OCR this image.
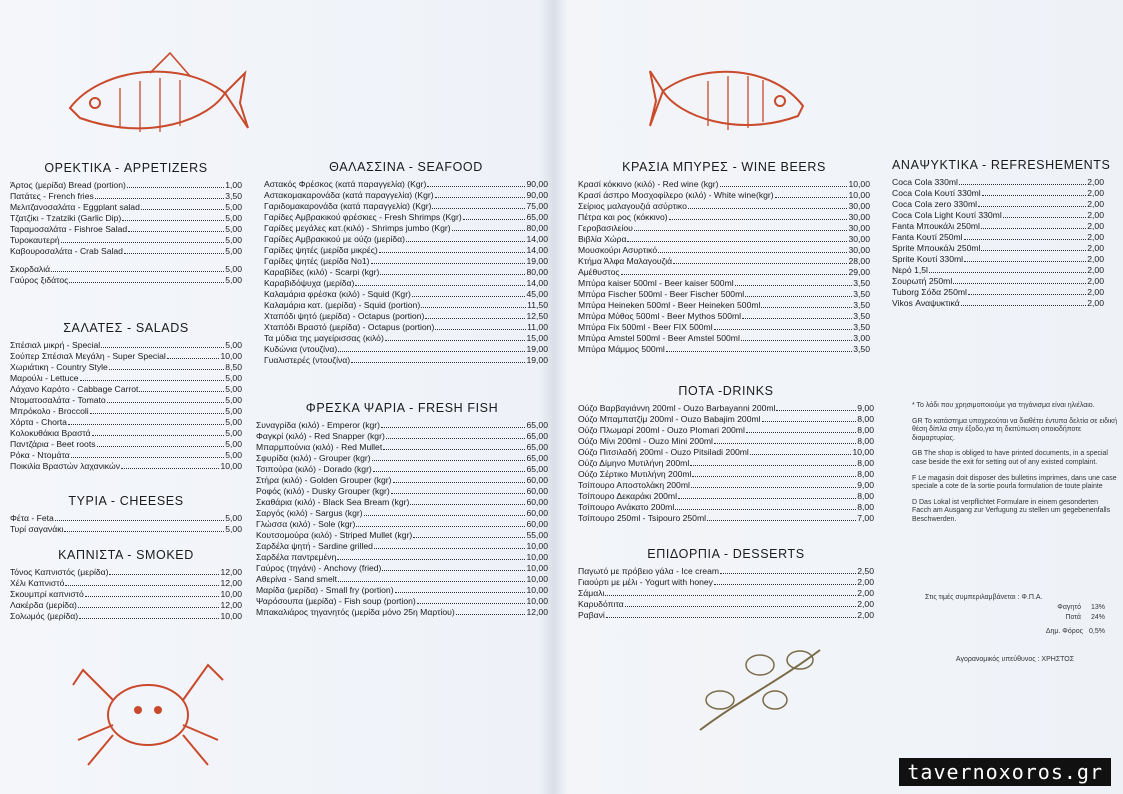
ΟΡΕΚΤΙΚΑ - APPETIZERS
Άρτος (μερίδα) Bread (portion)	1,00
Πατάτες - French fries	3,50
Μελιτζανοσαλάτα - Eggplant salad	5,00
Τζατζίκι - Tzatziki (Garlic Dip)	5,00
Ταραμοσαλάτα - Fishroe Salad	5,00
Τυροκαυτερή	5,00
Καβουροσαλάτα - Crab Salad	5,00
Σκορδαλιά	5,00
Γαύρος ξιδάτος	5,00
ΣΑΛΑΤΕΣ - SALADS
Σπέσιαλ μικρή - Special	5,00
Σούπερ Σπέσιαλ Μεγάλη - Super Special	10,00
Χωριάτικη - Country Style	8,50
Μαρούλι - Lettuce	5,00
Λάχανο Καρότο - Cabbage Carrot	5,00
Ντοματοσαλάτα - Tomato	5,00
Μπρόκολο - Broccoli	5,00
Χόρτα - Chorta	5,00
Κολοκυθάκια Βραστά	5,00
Παντζάρια - Beet roots	5,00
Ρόκα - Ντομάτα	5,00
Ποικιλία Βραστών λαχανικών	10,00
ΤΥΡΙΑ - CHEESES
Φέτα - Feta	5,00
Τυρί σαγανάκι	5,00
ΚΑΠΝΙΣΤΑ - SMOKED
Τόνος Καπνιστός (μερίδα)	12,00
Χέλι Καπνιστό	12,00
Σκουμπρί καπνιστό	10,00
Λακέρδα (μερίδα)	12,00
Σολωμός (μερίδα)	10,00
ΘΑΛΑΣΣΙΝΑ - SEAFOOD
Αστακός Φρέσκος (κατά παραγγελία) (Kgr)	90,00
Αστακομακαρονάδα (κατά παραγγελία) (Kgr)	90,00
Γαριδομακαρονάδα (κατά παραγγελία) (Kgr)	75,00
Γαρίδες Αμβρακικού φρέσκιες - Fresh Shrimps (Kgr)	65,00
Γαρίδες μεγάλες κατ.(κιλό) - Shrimps jumbo (Kgr)	80,00
Γαρίδες Αμβρακικού με ούζο (μερίδα)	14,00
Γαρίδες ψητές (μερίδα μικρές)	14,00
Γαρίδες ψητές (μερίδα Νο1)	19,00
Καραβίδες (κιλό) - Scarpi (kgr)	80,00
Καραβιδόψυχα (μερίδα)	14,00
Καλαμάρια φρέσκα (κιλό) - Squid (Kgr)	45,00
Καλαμάρια κατ. (μερίδα) - Squid (portion)	11,50
Χταπόδι ψητό (μερίδα) - Octapus (portion)	12,50
Χταπόδι Βραστό (μερίδα) - Octapus (portion)	11,00
Τα μύδια της μαγείρισσας (κιλό)	15,00
Κυδώνια (ντουζίνα)	19,00
Γυαλιστερές (ντουζίνα)	19,00
ΦΡΕΣΚΑ ΨΑΡΙΑ - FRESH FISH
Συναγρίδα (κιλό) - Emperor (kgr)	65,00
Φαγκρί (κιλό) - Red Snapper (kgr)	65,00
Μπαρμπούνια (κιλό) - Red Mullet	65,00
Σφυρίδα (κιλό) - Grouper (kgr)	65,00
Τσιπούρα (κιλό) - Dorado (kgr)	65,00
Στήρα (κιλό) - Golden Grouper (kgr)	60,00
Ροφός (κιλό) - Dusky Grouper (kgr)	60,00
Σκαθάρια (κιλό) - Black Sea Bream (kgr)	60,00
Σαργός (κιλό) - Sargus (kgr)	60,00
Γλώσσα (κιλό) - Sole (kgr)	60,00
Κουτσομούρα (κιλό) - Striped Mullet (kgr)	55,00
Σαρδέλα ψητή - Sardine grilled	10,00
Σαρδέλα παντρεμένη	10,00
Γαύρος (τηγάνι) - Anchovy (fried)	10,00
Αθερίνα - Sand smelt	10,00
Μαρίδα (μερίδα) - Small fry (portion)	10,00
Ψαρόσουπα (μερίδα) - Fish soup (portion)	10,00
Μπακαλιάρος τηγανητός (μερίδα μόνο 25η Μαρτίου)	12,00
ΚΡΑΣΙΑ ΜΠΥΡΕΣ - WINE BEERS
Κρασί κόκκινο (κιλό) - Red wine (kgr)	10,00
Κρασί άσπρο Μοσχοφίλερο (κιλό) - White wine(kgr)	10,00
Σείριος μαλαγουζιά ασύρτικο	30,00
Πέτρα και ρος (κόκκινο)	30,00
Γεροβασιλείου	30,00
Βιβλία Χώρα	30,00
Μουσκούρι Ασυρτικό	30,00
Κτήμα Άλφα Μαλαγουζιά	28,00
Αμέθυστος	29,00
Μπύρα kaiser 500ml - Beer kaiser 500ml	3,50
Μπύρα Fischer 500ml - Beer Fischer 500ml	3,50
Μπύρα Heineken 500ml - Beer Heineken 500ml	3,50
Μπύρα Μύθος 500ml - Beer Mythos 500ml	3,50
Μπύρα Fix 500ml - Beer FIX 500ml	3,50
Μπύρα Amstel 500ml - Beer Amstel 500ml	3,00
Μπύρα Μάμμος 500ml	3,50
ΠΟΤΑ -DRINKS
Ούζο Βαρβαγιάννη 200ml - Ouzo Barbayanni 200ml	9,00
Ούζο Μπαμπατζίμ 200ml - Ouzo Babajim 200ml	8,00
Ούζο Πλωμαρί 200ml - Ouzo Plomari 200ml	8,00
Ούζο Μίνι 200ml - Ouzo Mini 200ml	8,00
Ούζο Πιτσιλαδή 200ml - Ouzo Pitsiladi 200ml	10,00
Ούζο Δίμηνο Μυτιλήνη 200ml	8,00
Ούζο Σέρτικο Μυτιλήνη 200ml	8,00
Τσίπουρο Αποστολάκη 200ml	9,00
Τσίπουρο Δεκαράκι 200ml	8,00
Τσίπουρο Ανάκατο 200ml	8,00
Τσίπουρο 250ml - Tsipouro 250ml	7,00
ΕΠΙΔΟΡΠΙΑ - DESSERTS
Παγωτό με πρόβειο γάλα - Ice cream	2,50
Γιαούρτι με μέλι - Yogurt with honey	2,00
Σάμαλι	2,00
Καρυδόπιτα	2,00
Ραβανί	2,00
ΑΝΑΨΥΚΤΙΚΑ - REFRESHEMENTS
Coca Cola 330ml	2,00
Coca Cola Κουτί 330ml	2,00
Coca Cola zero 330ml	2,00
Coca Cola Light Κουτί 330ml	2,00
Fanta Μπουκάλι 250ml	2,00
Fanta Κουτί 250ml	2,00
Sprite Μπουκάλι 250ml	2,00
Sprite Κουτί 330ml	2,00
Νερό 1,5l	2,00
Σουρωτή 250ml	2,00
Tuborg Σόδα 250ml	2,00
Vikos Αναψυκτικά	2,00

* Το λάδι που χρησιμοποιούμε για τηγάνισμα είναι ηλιέλαιο.

GR Το κατάστημα υποχρεούται να διαθέτει έντυπα δελτία σε ειδική θέση δίπλα στην έξοδο,για τη διατύπωση οποιοδήποτε διαμαρτυρίας.

GB The shop is obliged to have printed documents, in a special case beside the exit for setting out of any existed complaint.

F Le magasin doit disposer des bulletins imprimes, dans une case speciale a cote de la sortie pourla formulation de toute plainte

D Das Lokal ist verpflichtet Formulare in einem gesonderten Facch am Ausgang zur Verfugung zu stellen um gegebenenfalls Beschwerden.

Στις τιμές συμπεριλαμβάνεται : Φ.Π.Α.
Φαγητό 13%
Ποτά 24%
Δημ. Φόρος 0,5%
Αγορανομικός υπεύθυνος : ΧΡΗΣΤΟΣ
tavernoxoros.gr
